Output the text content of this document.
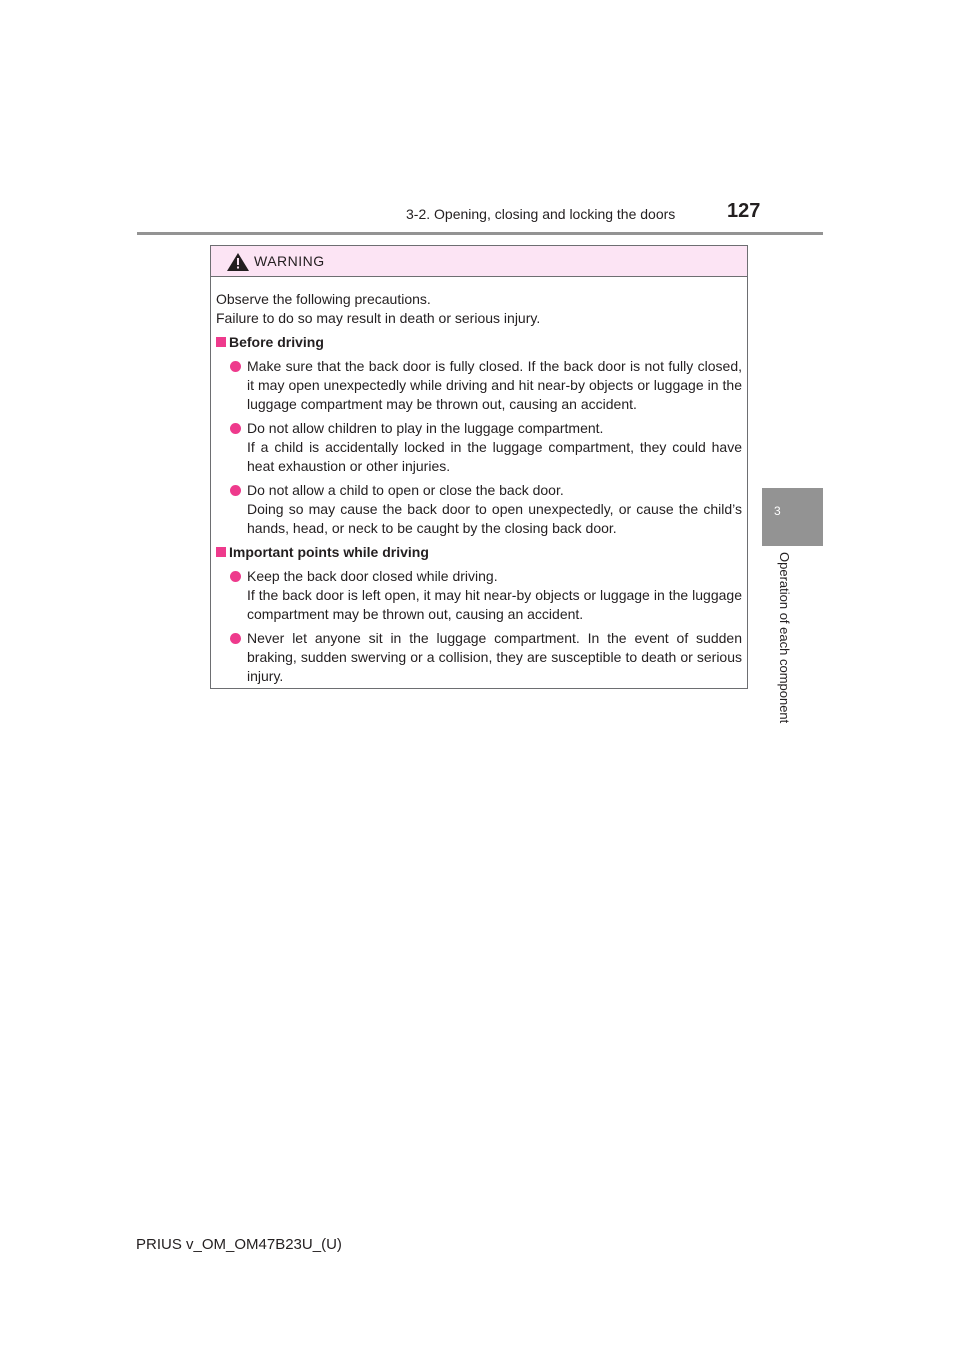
3-2. Opening, closing and locking the doors	127
3
Operation of each component
WARNING

Observe the following precautions.

Failure to do so may result in death or serious injury.

Before driving

Make sure that the back door is fully closed. If the back door is not fully closed, it may open unexpectedly while driving and hit near-by objects or luggage in the luggage compartment may be thrown out, causing an accident.

Do not allow children to play in the luggage compartment.

If a child is accidentally locked in the luggage compartment, they could have heat exhaustion or other injuries.

Do not allow a child to open or close the back door.

Doing so may cause the back door to open unexpectedly, or cause the child’s hands, head, or neck to be caught by the closing back door.

Important points while driving

Keep the back door closed while driving.

If the back door is left open, it may hit near-by objects or luggage in the luggage compartment may be thrown out, causing an accident.

Never let anyone sit in the luggage compartment. In the event of sudden braking, sudden swerving or a collision, they are susceptible to death or serious injury.

PRIUS v_OM_OM47B23U_(U)
